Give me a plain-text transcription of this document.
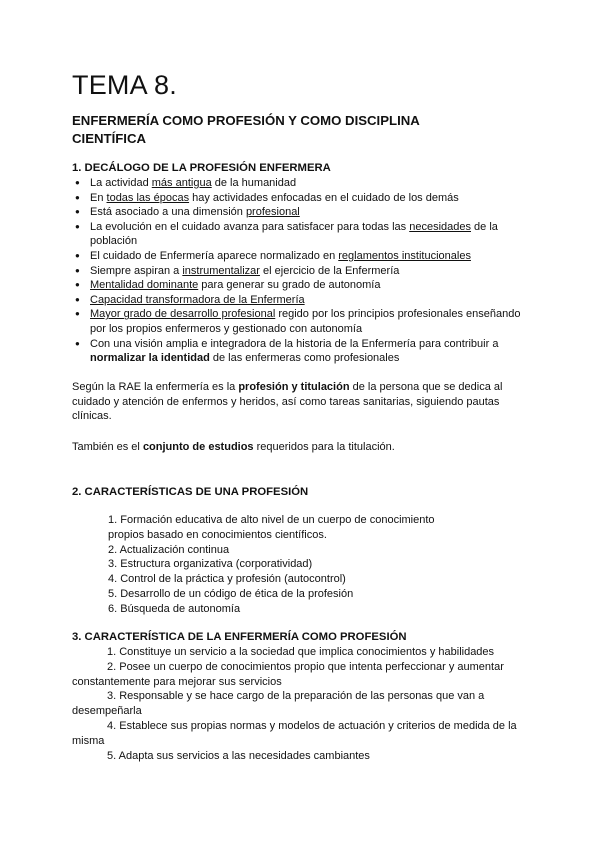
TEMA 8.
ENFERMERÍA COMO PROFESIÓN Y COMO DISCIPLINA CIENTÍFICA
1. DECÁLOGO DE LA PROFESIÓN ENFERMERA
● La actividad más antigua de la humanidad
● En todas las épocas hay actividades enfocadas en el cuidado de los demás
● Está asociado a una dimensión profesional
● La evolución en el cuidado avanza para satisfacer para todas las necesidades de la población
● El cuidado de Enfermería aparece normalizado en reglamentos institucionales
● Siempre aspiran a instrumentalizar el ejercicio de la Enfermería
● Mentalidad dominante para generar su grado de autonomía
● Capacidad transformadora de la Enfermería
● Mayor grado de desarrollo profesional regido por los principios profesionales enseñando por los propios enfermeros y gestionado con autonomía
● Con una visión amplia e integradora de la historia de la Enfermería para contribuir a normalizar la identidad de las enfermeras como profesionales

Según la RAE la enfermería es la profesión y titulación de la persona que se dedica al cuidado y atención de enfermos y heridos, así como tareas sanitarias, siguiendo pautas clínicas.

También es el conjunto de estudios requeridos para la titulación.

2. CARACTERÍSTICAS DE UNA PROFESIÓN
1. Formación educativa de alto nivel de un cuerpo de conocimiento
propios basado en conocimientos científicos.
2. Actualización continua
3. Estructura organizativa (corporatividad)
4. Control de la práctica y profesión (autocontrol)
5. Desarrollo de un código de ética de la profesión
6. Búsqueda de autonomía
3. CARACTERÍSTICA DE LA ENFERMERÍA COMO PROFESIÓN
1. Constituye un servicio a la sociedad que implica conocimientos y habilidades
2. Posee un cuerpo de conocimientos propio que intenta perfeccionar y aumentar constantemente para mejorar sus servicios
3. Responsable y se hace cargo de la preparación de las personas que van a desempeñarla
4. Establece sus propias normas y modelos de actuación y criterios de medida de la misma
5. Adapta sus servicios a las necesidades cambiantes
